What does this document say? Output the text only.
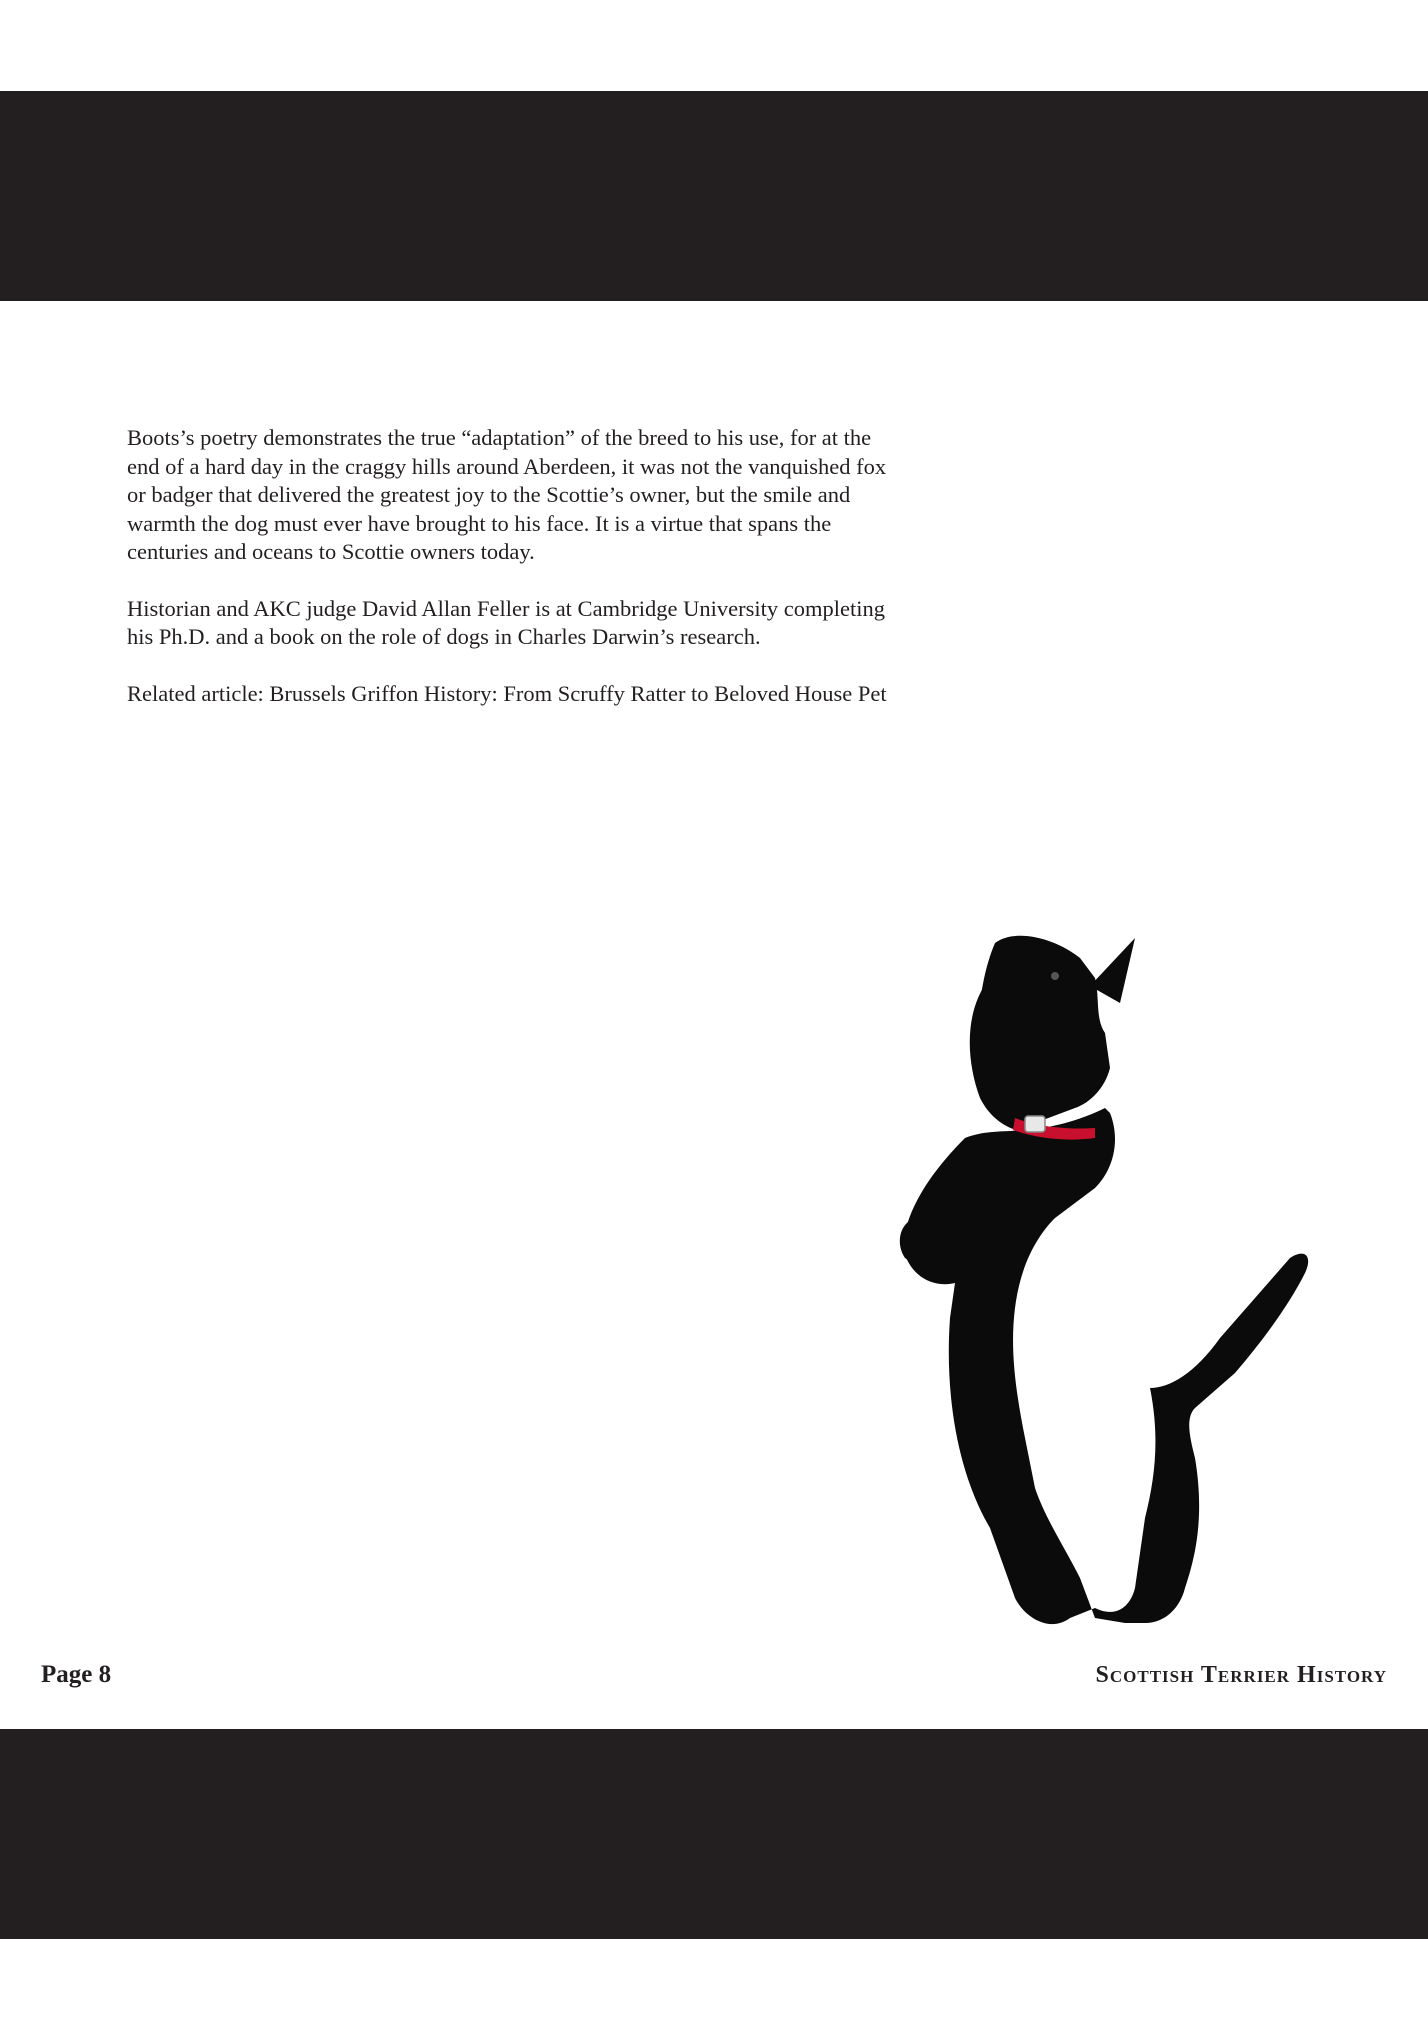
Boots’s poetry demonstrates the true “adaptation” of the breed to his use, for at the end of a hard day in the craggy hills around Aberdeen, it was not the vanquished fox or badger that delivered the greatest joy to the Scottie’s owner, but the smile and warmth the dog must ever have brought to his face. It is a virtue that spans the centuries and oceans to Scottie owners today.

Historian and AKC judge David Allan Feller is at Cambridge University completing his Ph.D. and a book on the role of dogs in Charles Darwin’s research.

Related article: Brussels Griffon History: From Scruffy Ratter to Beloved House Pet

Page 8	Scottish Terrier History
